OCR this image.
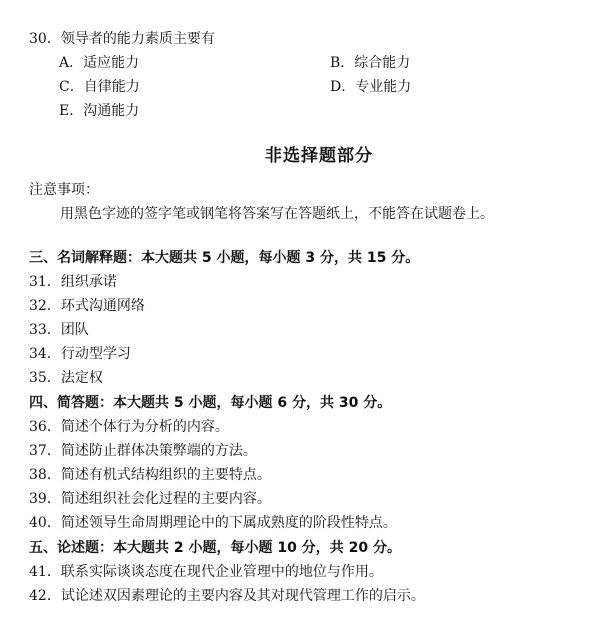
30．领导者的能力素质主要有
A．适应能力	B．综合能力
C．自律能力	D．专业能力
E．沟通能力
非选择题部分
注意事项：
用黑色字迹的签字笔或钢笔将答案写在答题纸上，不能答在试题卷上。
三、名词解释题：本大题共 5 小题，每小题 3 分，共 15 分。
31．组织承诺
32．环式沟通网络
33．团队
34．行动型学习
35．法定权
四、简答题：本大题共 5 小题，每小题 6 分，共 30 分。
36．简述个体行为分析的内容。
37．简述防止群体决策弊端的方法。
38．简述有机式结构组织的主要特点。
39．简述组织社会化过程的主要内容。
40．简述领导生命周期理论中的下属成熟度的阶段性特点。
五、论述题：本大题共 2 小题，每小题 10 分，共 20 分。
41．联系实际谈谈态度在现代企业管理中的地位与作用。
42．试论述双因素理论的主要内容及其对现代管理工作的启示。
